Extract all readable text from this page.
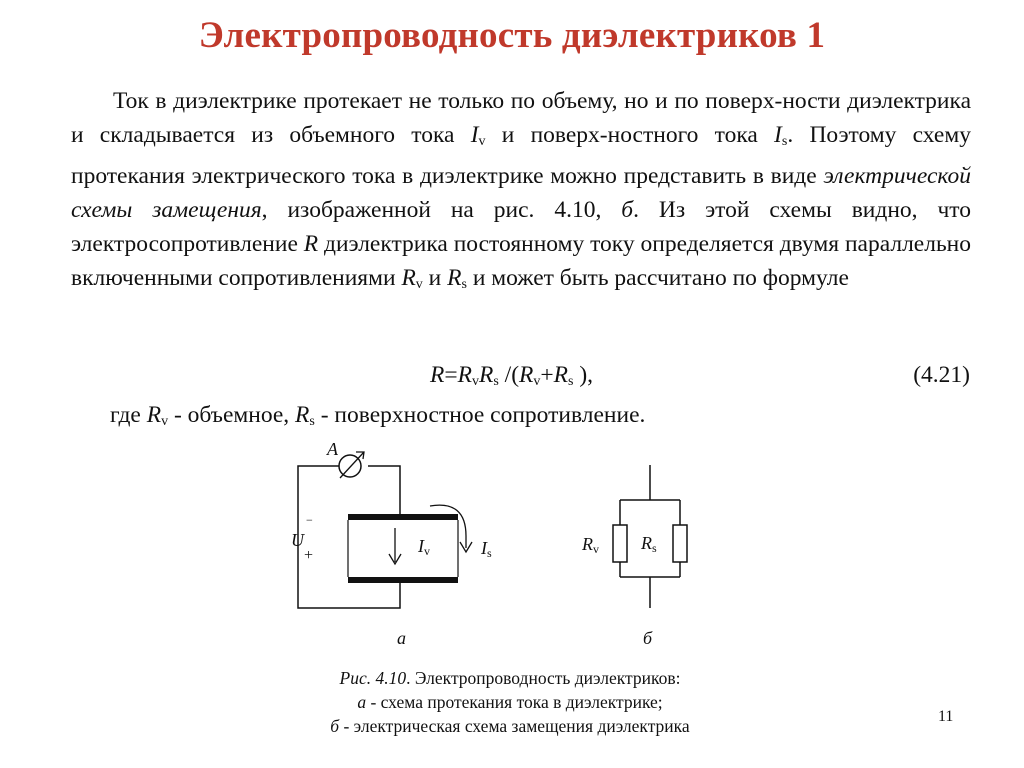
Электропроводность диэлектриков 1
Ток в диэлектрике протекает не только по объему, но и по поверх-ности диэлектрика и складывается из объемного тока $I_v$ и поверх-ностного тока $I_s$. Поэтому схему протекания электрического тока в диэлектрике можно представить в виде электрической схемы замещения, изображенной на рис. 4.10, б. Из этой схемы видно, что электросопротивление R диэлектрика постоянному току определяется двумя параллельно включенными сопротивлениями $R_v$ и $R_s$ и может быть рассчитано по формуле
$R=R_vR_s$ $/(R_v+R_s$ ),	(4.21)
где $R_v$ - объемное, $R_s$ - поверхностное сопротивление.
A
U
−
+	$I_v$	$I_s$	$R_v$ $R_s$
а	б
Рис. 4.10. Электропроводность диэлектриков:
а - схема протекания тока в диэлектрике;
б - электрическая схема замещения диэлектрика	11
